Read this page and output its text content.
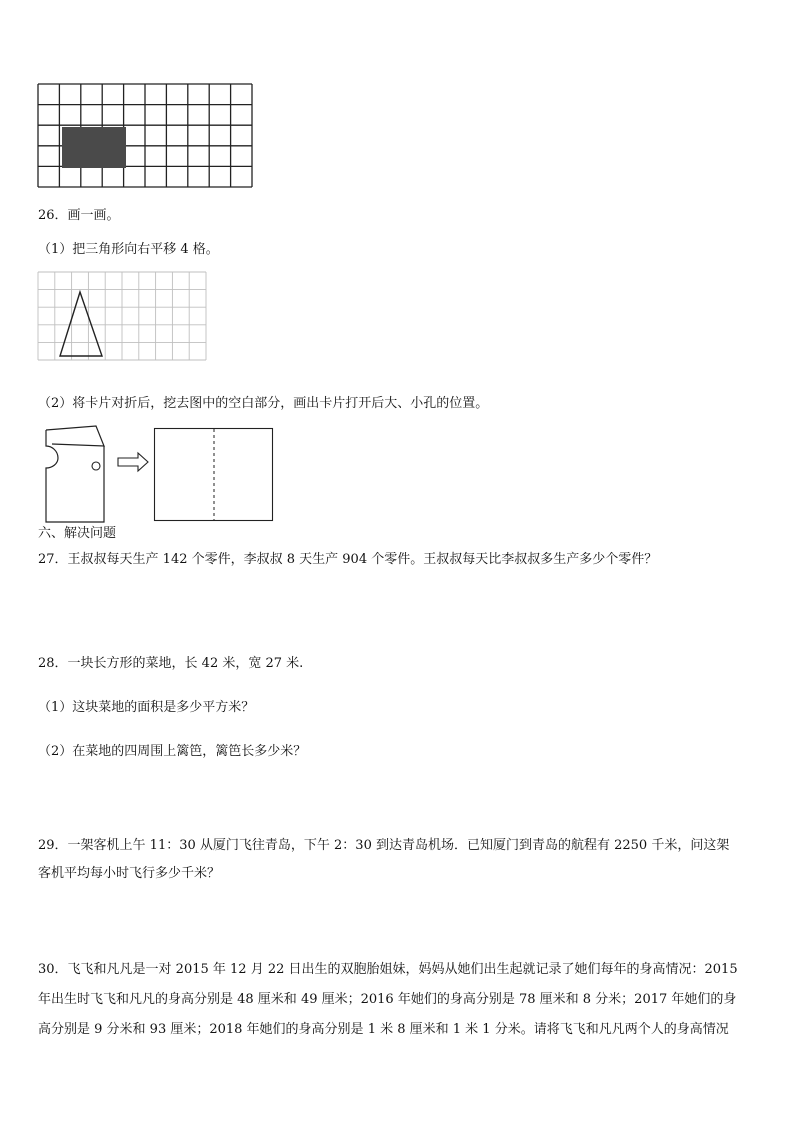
26．画一画。
（1）把三角形向右平移 4 格。
（2）将卡片对折后，挖去图中的空白部分，画出卡片打开后大、小孔的位置。
六、解决问题
27．王叔叔每天生产 142 个零件，李叔叔 8 天生产 904 个零件。王叔叔每天比李叔叔多生产多少个零件？
28．一块长方形的菜地，长 42 米，宽 27 米.
（1）这块菜地的面积是多少平方米？
（2）在菜地的四周围上篱笆，篱笆长多少米？
29．一架客机上午 11：30 从厦门飞往青岛，下午 2：30 到达青岛机场．已知厦门到青岛的航程有 2250 千米，问这架
客机平均每小时飞行多少千米？
30．飞飞和凡凡是一对 2015 年 12 月 22 日出生的双胞胎姐妹，妈妈从她们出生起就记录了她们每年的身高情况：2015
年出生时飞飞和凡凡的身高分别是 48 厘米和 49 厘米；2016 年她们的身高分别是 78 厘米和 8 分米；2017 年她们的身
高分别是 9 分米和 93 厘米；2018 年她们的身高分别是 1 米 8 厘米和 1 米 1 分米。请将飞飞和凡凡两个人的身高情况
